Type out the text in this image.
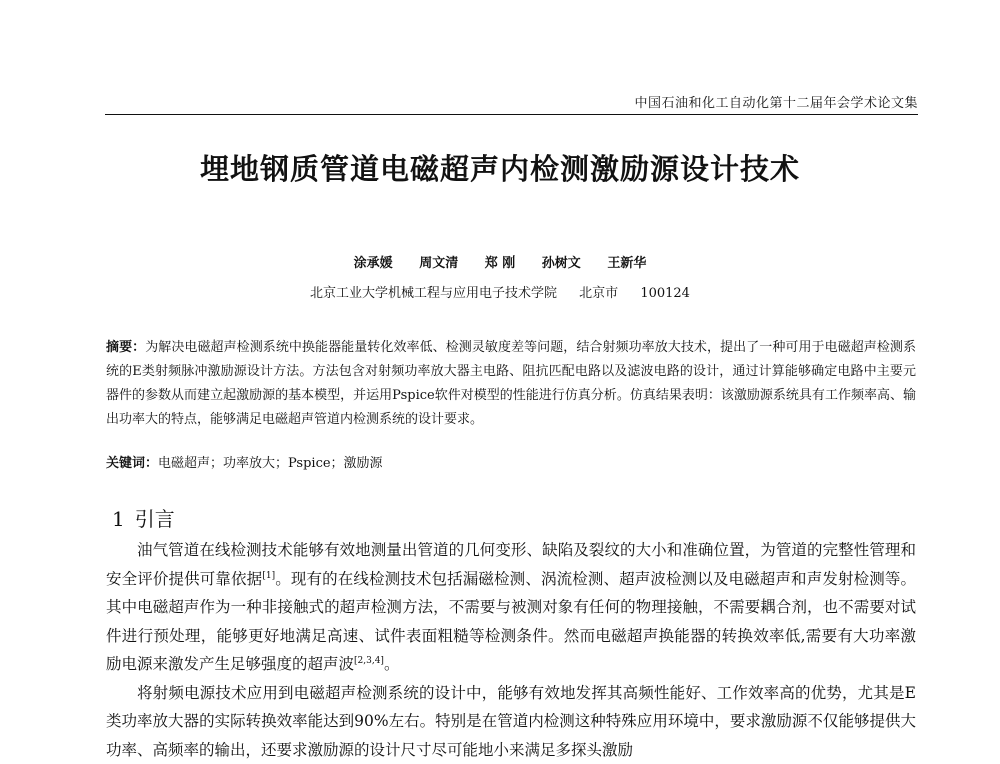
中国石油和化工自动化第十二届年会学术论文集
埋地钢质管道电磁超声内检测激励源设计技术
涂承媛 周文清 郑 刚 孙树文 王新华
北京工业大学机械工程与应用电子技术学院 北京市 100124
摘要：为解决电磁超声检测系统中换能器能量转化效率低、检测灵敏度差等问题，结合射频功率放大技术，提出了一种可用于电磁超声检测系统的E类射频脉冲激励源设计方法。方法包含对射频功率放大器主电路、阻抗匹配电路以及滤波电路的设计，通过计算能够确定电路中主要元器件的参数从而建立起激励源的基本模型，并运用Pspice软件对模型的性能进行仿真分析。仿真结果表明：该激励源系统具有工作频率高、输出功率大的特点，能够满足电磁超声管道内检测系统的设计要求。
关键词：电磁超声；功率放大；Pspice；激励源
1 引言

油气管道在线检测技术能够有效地测量出管道的几何变形、缺陷及裂纹的大小和准确位置，为管道的完整性管理和安全评价提供可靠依据[1]。现有的在线检测技术包括漏磁检测、涡流检测、超声波检测以及电磁超声和声发射检测等。其中电磁超声作为一种非接触式的超声检测方法，不需要与被测对象有任何的物理接触，不需要耦合剂，也不需要对试件进行预处理，能够更好地满足高速、试件表面粗糙等检测条件。然而电磁超声换能器的转换效率低,需要有大功率激励电源来激发产生足够强度的超声波[2,3,4]。

将射频电源技术应用到电磁超声检测系统的设计中，能够有效地发挥其高频性能好、工作效率高的优势，尤其是E类功率放大器的实际转换效率能达到90%左右。特别是在管道内检测这种特殊应用环境中，要求激励源不仅能够提供大功率、高频率的输出，还要求激励源的设计尺寸尽可能地小来满足多探头激励
